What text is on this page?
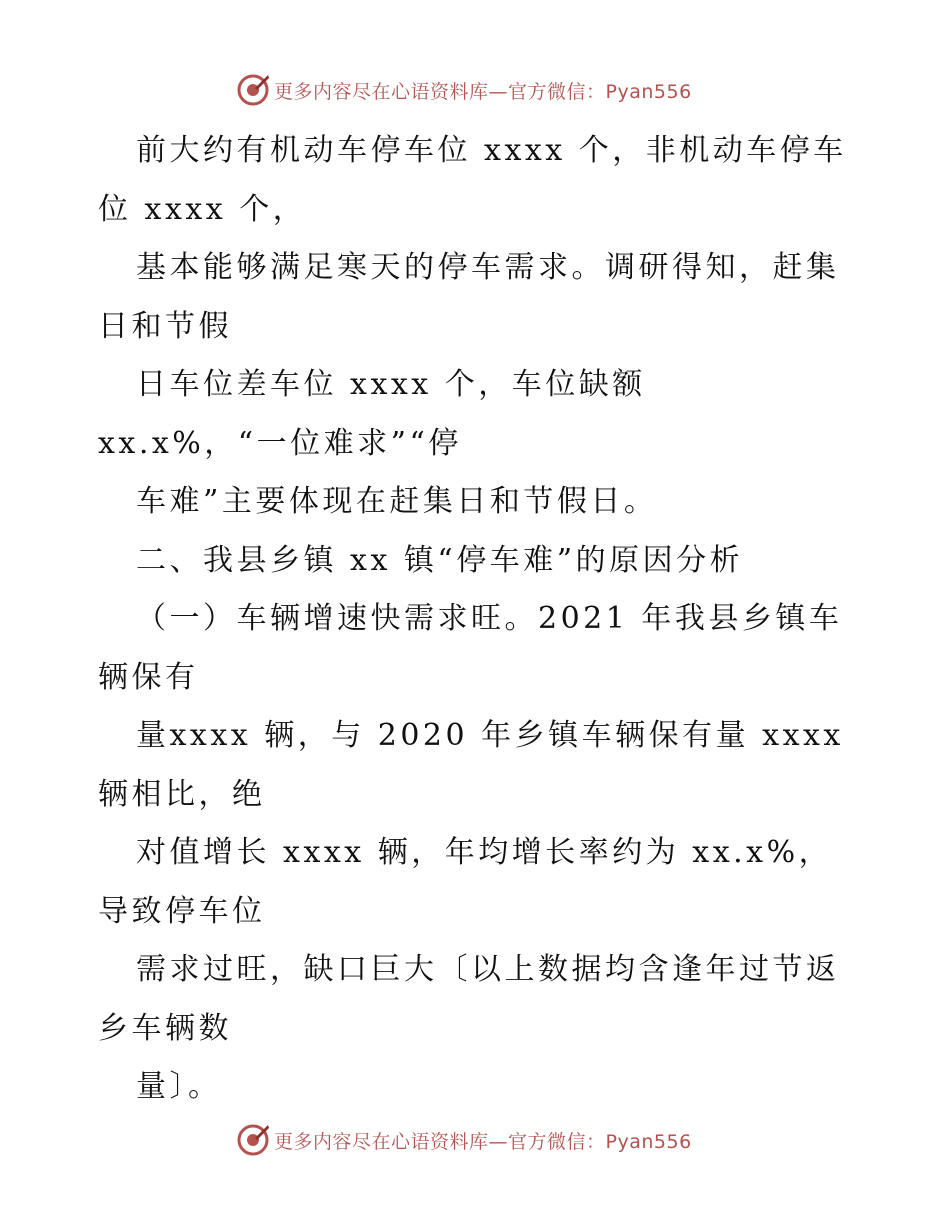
更多内容尽在心语资料库—官方微信：Pyan556
前大约有机动车停车位 xxxx 个，非机动车停车
位 xxxx 个，
基本能够满足寒天的停车需求。调研得知，赶集
日和节假
日车位差车位 xxxx 个，车位缺额
xx.x%，“一位难求”“停
车难”主要体现在赶集日和节假日。
二、我县乡镇 xx 镇“停车难”的原因分析
（一）车辆增速快需求旺。2021 年我县乡镇车
辆保有
量xxxx 辆，与 2020 年乡镇车辆保有量 xxxx
辆相比，绝
对值增长 xxxx 辆，年均增长率约为 xx.x%，
导致停车位
需求过旺，缺口巨大〔以上数据均含逢年过节返
乡车辆数
量〕。
更多内容尽在心语资料库—官方微信：Pyan556
